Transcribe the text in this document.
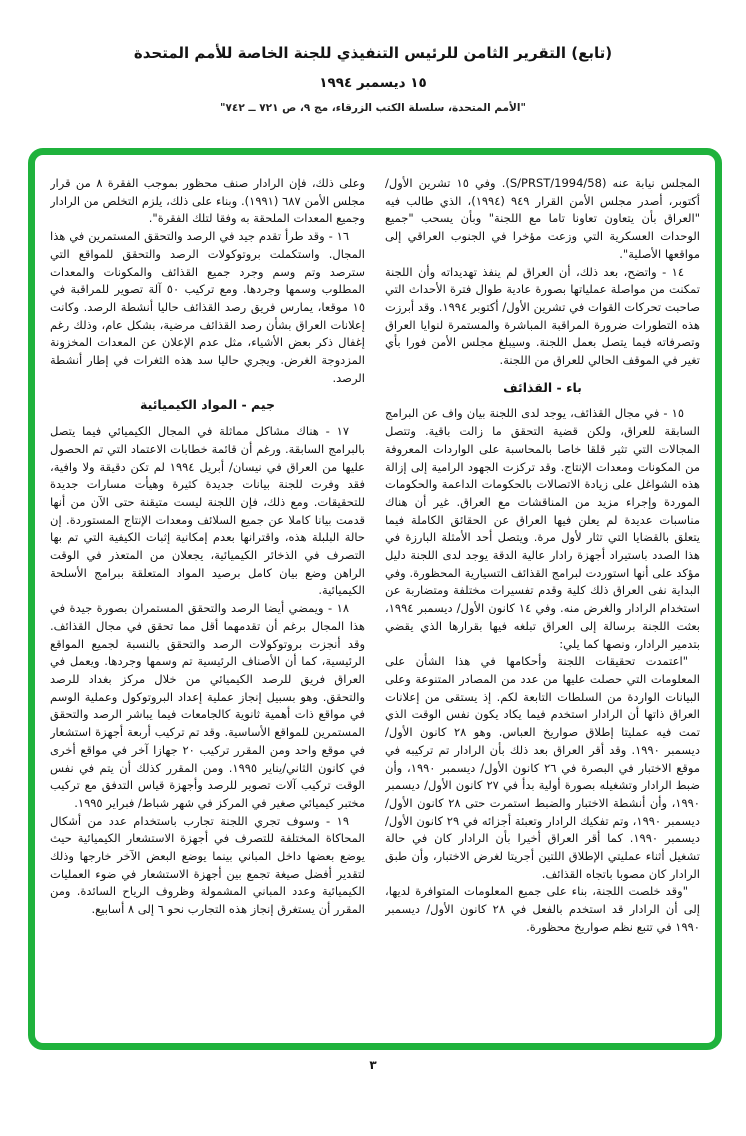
(تابع) التقرير الثامن للرئيس التنفيذي للجنة الخاصة للأمم المتحدة
١٥ ديسمبر ١٩٩٤
"الأمم المتحدة، سلسلة الكتب الزرقاء، مج ٩، ص ٧٢١ ــ ٧٤٢"

المجلس نيابة عنه (S/PRST/1994/58). وفي ١٥ تشرين الأول/ أكتوبر، أصدر مجلس الأمن القرار ٩٤٩ (١٩٩٤)، الذي طالب فيه "العراق بأن يتعاون تعاونا تاما مع اللجنة" وبأن يسحب "جميع الوحدات العسكرية التي وزعت مؤخرا في الجنوب العراقي إلى مواقعها الأصلية".

١٤ - واتضح، بعد ذلك، أن العراق لم ينفذ تهديداته وأن اللجنة تمكنت من مواصلة عملياتها بصورة عادية طوال فترة الأحداث التي صاحبت تحركات القوات في تشرين الأول/ أكتوبر ١٩٩٤. وقد أبرزت هذه التطورات ضرورة المراقبة المباشرة والمستمرة لنوايا العراق وتصرفاته فيما يتصل بعمل اللجنة. وسيبلغ مجلس الأمن فورا بأي تغير في الموقف الحالي للعراق من اللجنة.

باء - القذائف

١٥ - في مجال القذائف، يوجد لدى اللجنة بيان واف عن البرامج السابقة للعراق، ولكن قضية التحقق ما زالت باقية. وتتصل المجالات التي تثير قلقا خاصا بالمحاسبة على الواردات المعروفة من المكونات ومعدات الإنتاج. وقد تركزت الجهود الرامية إلى إزالة هذه الشواغل على زيادة الاتصالات بالحكومات الداعمة والحكومات الموردة وإجراء مزيد من المناقشات مع العراق. غير أن هناك مناسبات عديدة لم يعلن فيها العراق عن الحقائق الكاملة فيما يتعلق بالقضايا التي تثار لأول مرة. ويتصل أحد الأمثلة البارزة في هذا الصدد باستيراد أجهزة رادار عالية الدقة يوجد لدى اللجنة دليل مؤكد على أنها استوردت لبرامج القذائف التسيارية المحظورة. وفي البداية نفى العراق ذلك كلية وقدم تفسيرات مختلفة ومتضاربة عن استخدام الرادار والغرض منه. وفي ١٤ كانون الأول/ ديسمبر ١٩٩٤، بعثت اللجنة برسالة إلى العراق تبلغه فيها بقرارها الذي يقضي بتدمير الرادار، ونصها كما يلي:

"اعتمدت تحقيقات اللجنة وأحكامها في هذا الشأن على المعلومات التي حصلت عليها من عدد من المصادر المتنوعة وعلى البيانات الواردة من السلطات التابعة لكم. إذ يستقى من إعلانات العراق ذاتها أن الرادار استخدم فيما يكاد يكون نفس الوقت الذي تمت فيه عمليتا إطلاق صواريخ العباس. وهو ٢٨ كانون الأول/ ديسمبر ١٩٩٠. وقد أقر العراق بعد ذلك بأن الرادار تم تركيبه في موقع الاختبار في البصرة في ٢٦ كانون الأول/ ديسمبر ١٩٩٠، وأن ضبط الرادار وتشغيله بصورة أولية بدأ في ٢٧ كانون الأول/ ديسمبر ١٩٩٠، وأن أنشطة الاختبار والضبط استمرت حتى ٢٨ كانون الأول/ ديسمبر ١٩٩٠، وتم تفكيك الرادار وتعبئة أجزائه في ٢٩ كانون الأول/ ديسمبر ١٩٩٠. كما أقر العراق أخيرا بأن الرادار كان في حالة تشغيل أثناء عمليتي الإطلاق اللتين أجريتا لغرض الاختبار، وأن طبق الرادار كان مصوبا باتجاه القذائف.

"وقد خلصت اللجنة، بناء على جميع المعلومات المتوافرة لديها، إلى أن الرادار قد استخدم بالفعل في ٢٨ كانون الأول/ ديسمبر ١٩٩٠ في تتبع نظم صواريخ محظورة.

وعلى ذلك، فإن الرادار صنف محظور بموجب الفقرة ٨ من قرار مجلس الأمن ٦٨٧ (١٩٩١). وبناء على ذلك، يلزم التخلص من الرادار وجميع المعدات الملحقة به وفقا لتلك الفقرة".

١٦ - وقد طرأ تقدم جيد في الرصد والتحقق المستمرين في هذا المجال. واستكملت بروتوكولات الرصد والتحقق للمواقع التي سترصد وتم وسم وجرد جميع القذائف والمكونات والمعدات المطلوب وسمها وجردها. ومع تركيب ٥٠ آلة تصوير للمراقبة في ١٥ موقعا، يمارس فريق رصد القذائف حاليا أنشطة الرصد. وكانت إعلانات العراق بشأن رصد القذائف مرضية، بشكل عام، وذلك رغم إغفال ذكر بعض الأشياء، مثل عدم الإعلان عن المعدات المخزونة المزدوجة الغرض. ويجري حاليا سد هذه الثغرات في إطار أنشطة الرصد.

جيم - المواد الكيميائية

١٧ - هناك مشاكل مماثلة في المجال الكيميائي فيما يتصل بالبرامج السابقة. ورغم أن قائمة خطابات الاعتماد التي تم الحصول عليها من العراق في نيسان/ أبريل ١٩٩٤ لم تكن دقيقة ولا وافية، فقد وفرت للجنة بيانات جديدة كثيرة وهيأت مسارات جديدة للتحقيقات. ومع ذلك، فإن اللجنة ليست متيقنة حتى الآن من أنها قدمت بيانا كاملا عن جميع السلائف ومعدات الإنتاج المستوردة. إن حالة البلبلة هذه، واقترانها بعدم إمكانية إثبات الكيفية التي تم بها التصرف في الذخائر الكيميائية، يجعلان من المتعذر في الوقت الراهن وضع بيان كامل برصيد المواد المتعلقة ببرامج الأسلحة الكيميائية.

١٨ - ويمضي أيضا الرصد والتحقق المستمران بصورة جيدة في هذا المجال برغم أن تقدمهما أقل مما تحقق في مجال القذائف. وقد أنجزت بروتوكولات الرصد والتحقق بالنسبة لجميع المواقع الرئيسية، كما أن الأصناف الرئيسية تم وسمها وجردها. ويعمل في العراق فريق للرصد الكيميائي من خلال مركز بغداد للرصد والتحقق. وهو بسبيل إنجاز عملية إعداد البروتوكول وعملية الوسم في مواقع ذات أهمية ثانوية كالجامعات فيما يباشر الرصد والتحقق المستمرين للمواقع الأساسية. وقد تم تركيب أربعة أجهزة استشعار في موقع واحد ومن المقرر تركيب ٢٠ جهازا آخر في مواقع أخرى في كانون الثاني/يناير ١٩٩٥. ومن المقرر كذلك أن يتم في نفس الوقت تركيب آلات تصوير للرصد وأجهزة قياس التدفق مع تركيب مختبر كيميائي صغير في المركز في شهر شباط/ فبراير ١٩٩٥.

١٩ - وسوف تجري اللجنة تجارب باستخدام عدد من أشكال المحاكاة المختلفة للتصرف في أجهزة الاستشعار الكيميائية حيث يوضع بعضها داخل المباني بينما يوضع البعض الآخر خارجها وذلك لتقدير أفضل صيغة تجمع بين أجهزة الاستشعار في ضوء العمليات الكيميائية وعدد المباني المشمولة وظروف الرياح السائدة. ومن المقرر أن يستغرق إنجاز هذه التجارب نحو ٦ إلى ٨ أسابيع.

٣
